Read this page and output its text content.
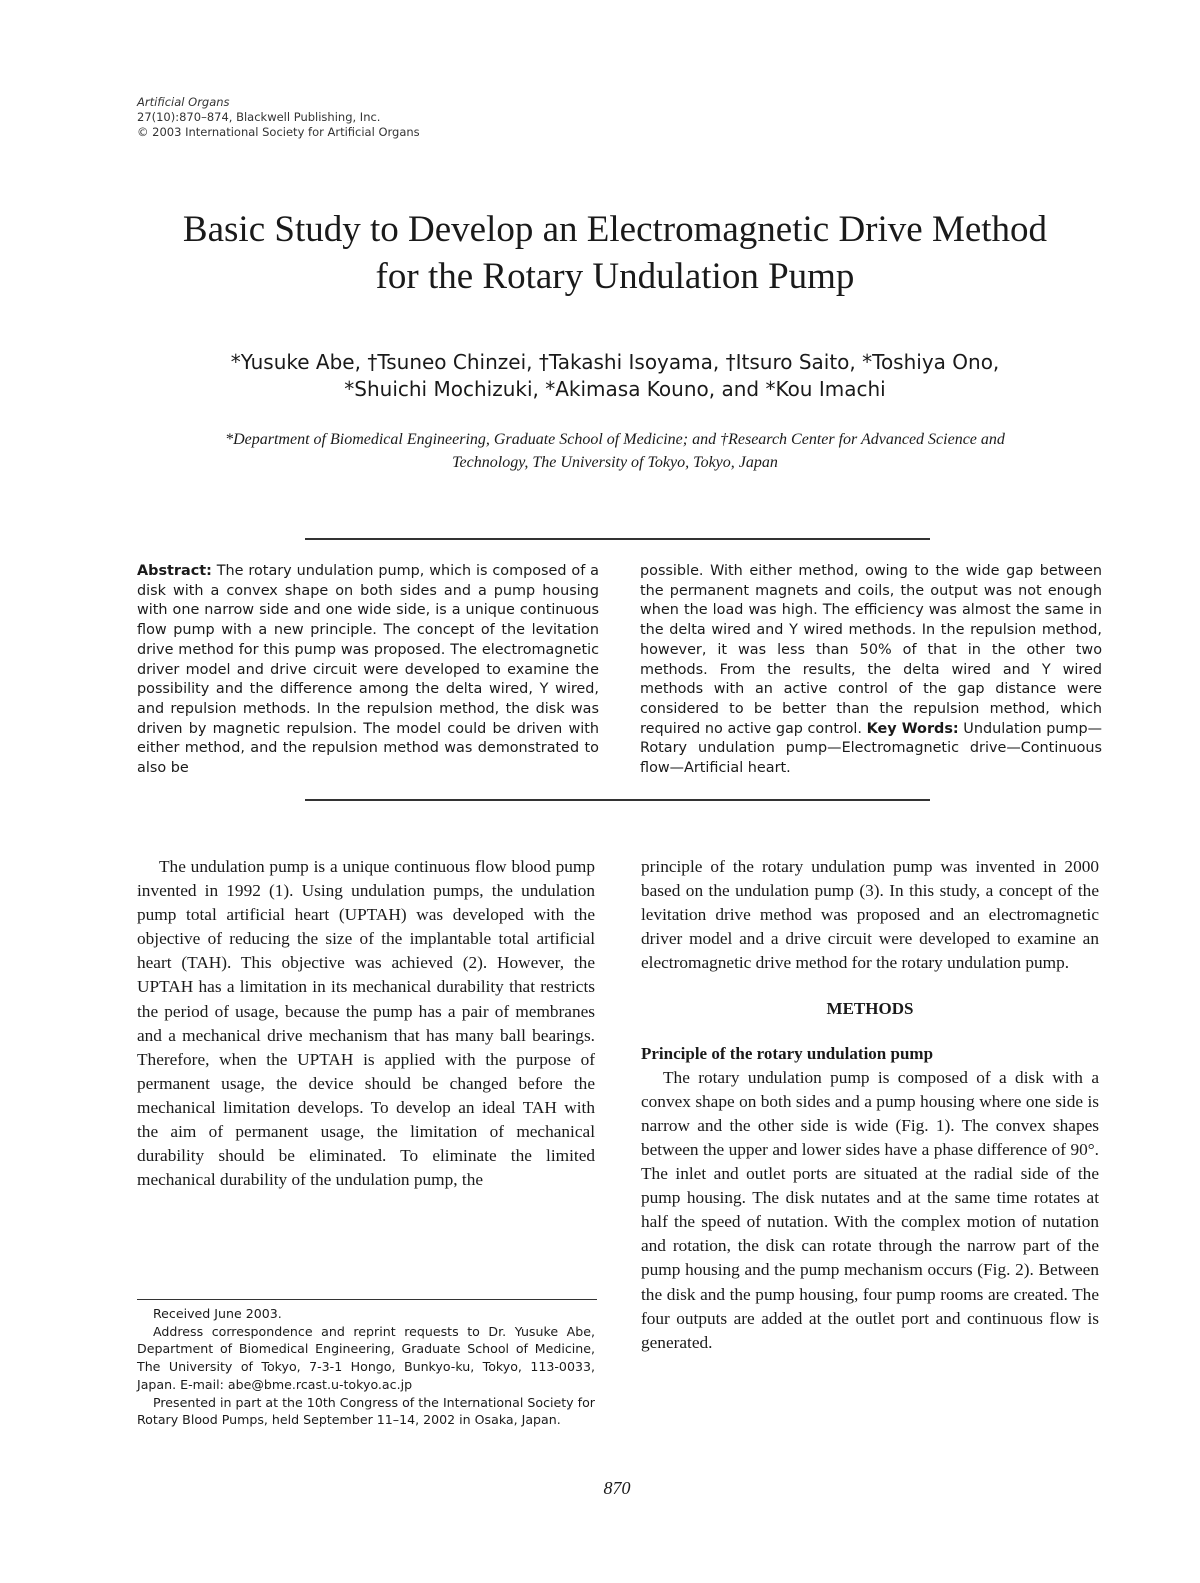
Artificial Organs
27(10):870–874, Blackwell Publishing, Inc.
© 2003 International Society for Artificial Organs
Basic Study to Develop an Electromagnetic Drive Method
for the Rotary Undulation Pump
*Yusuke Abe, †Tsuneo Chinzei, †Takashi Isoyama, †Itsuro Saito, *Toshiya Ono,
*Shuichi Mochizuki, *Akimasa Kouno, and *Kou Imachi
*Department of Biomedical Engineering, Graduate School of Medicine; and †Research Center for Advanced Science and
Technology, The University of Tokyo, Tokyo, Japan

Abstract: The rotary undulation pump, which is composed of a disk with a convex shape on both sides and a pump housing with one narrow side and one wide side, is a unique continuous flow pump with a new principle. The concept of the levitation drive method for this pump was proposed. The electromagnetic driver model and drive circuit were developed to examine the possibility and the difference among the delta wired, Y wired, and repulsion methods. In the repulsion method, the disk was driven by magnetic repulsion. The model could be driven with either method, and the repulsion method was demonstrated to also be

possible. With either method, owing to the wide gap between the permanent magnets and coils, the output was not enough when the load was high. The efficiency was almost the same in the delta wired and Y wired methods. In the repulsion method, however, it was less than 50% of that in the other two methods. From the results, the delta wired and Y wired methods with an active control of the gap distance were considered to be better than the repulsion method, which required no active gap control. Key Words: Undulation pump—Rotary undulation pump—Electromagnetic drive—Continuous flow—Artificial heart.

The undulation pump is a unique continuous flow blood pump invented in 1992 (1). Using undulation pumps, the undulation pump total artificial heart (UPTAH) was developed with the objective of reducing the size of the implantable total artificial heart (TAH). This objective was achieved (2). However, the UPTAH has a limitation in its mechanical durability that restricts the period of usage, because the pump has a pair of membranes and a mechanical drive mechanism that has many ball bearings. Therefore, when the UPTAH is applied with the purpose of permanent usage, the device should be changed before the mechanical limitation develops. To develop an ideal TAH with the aim of permanent usage, the limitation of mechanical durability should be eliminated. To eliminate the limited mechanical durability of the undulation pump, the

principle of the rotary undulation pump was invented in 2000 based on the undulation pump (3). In this study, a concept of the levitation drive method was proposed and an electromagnetic driver model and a drive circuit were developed to examine an electromagnetic drive method for the rotary undulation pump.

METHODS
Principle of the rotary undulation pump

The rotary undulation pump is composed of a disk with a convex shape on both sides and a pump housing where one side is narrow and the other side is wide (Fig. 1). The convex shapes between the upper and lower sides have a phase difference of 90°. The inlet and outlet ports are situated at the radial side of the pump housing. The disk nutates and at the same time rotates at half the speed of nutation. With the complex motion of nutation and rotation, the disk can rotate through the narrow part of the pump housing and the pump mechanism occurs (Fig. 2). Between the disk and the pump housing, four pump rooms are created. The four outputs are added at the outlet port and continuous flow is generated.

Received June 2003.

Address correspondence and reprint requests to Dr. Yusuke Abe, Department of Biomedical Engineering, Graduate School of Medicine, The University of Tokyo, 7-3-1 Hongo, Bunkyo-ku, Tokyo, 113-0033, Japan. E-mail: abe@bme.rcast.u-tokyo.ac.jp

Presented in part at the 10th Congress of the International Society for Rotary Blood Pumps, held September 11–14, 2002 in Osaka, Japan.

870
